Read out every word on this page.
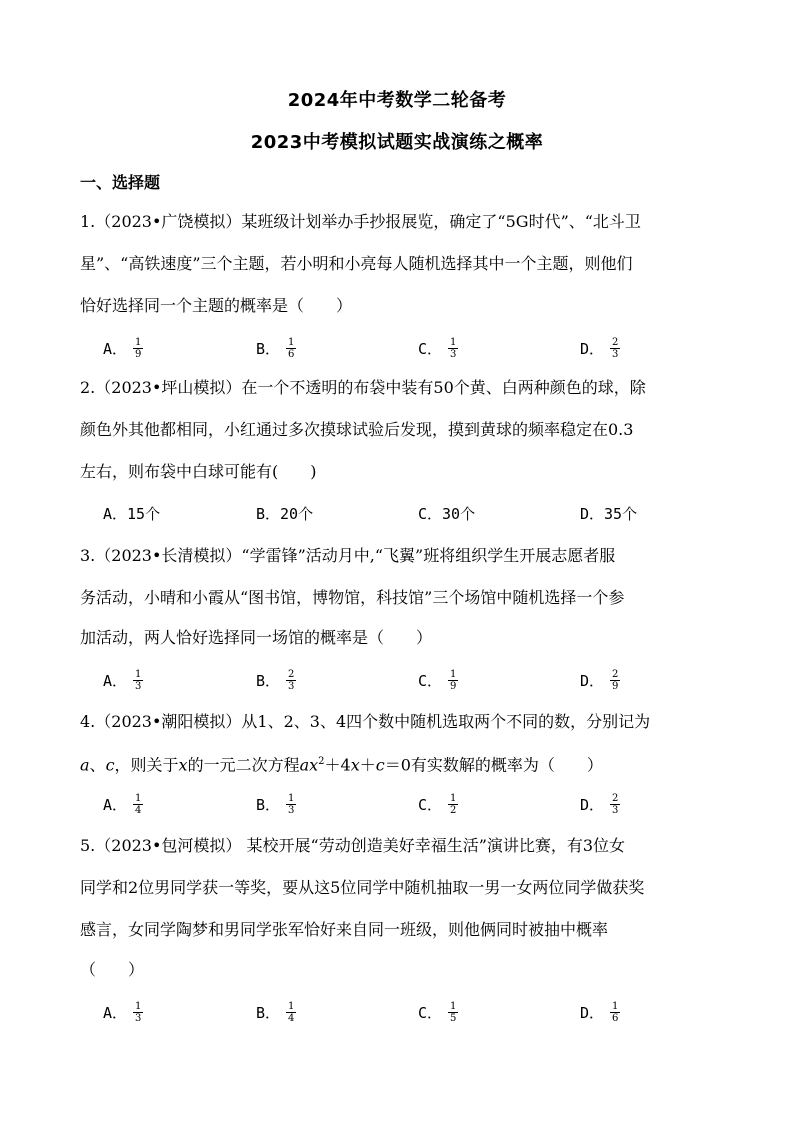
2024年中考数学二轮备考
2023中考模拟试题实战演练之概率
一、选择题
1.（2023•广饶模拟）某班级计划举办手抄报展览，确定了“5G时代”、“北斗卫
星”、“高铁速度”三个主题，若小明和小亮每人随机选择其中一个主题，则他们
恰好选择同一个主题的概率是（　　）
A． $\frac{1}{9}$	B． $\frac{1}{6}$	C． $\frac{1}{3}$	D． $\frac{2}{3}$
2.（2023•坪山模拟）在一个不透明的布袋中装有50个黄、白两种颜色的球，除
颜色外其他都相同，小红通过多次摸球试验后发现，摸到黄球的频率稳定在0.3
左右，则布袋中白球可能有(　　)
A．15个	B．20个	C．30个	D．35个
3.（2023•长清模拟）“学雷锋”活动月中,“飞翼”班将组织学生开展志愿者服
务活动，小晴和小霞从“图书馆，博物馆，科技馆”三个场馆中随机选择一个参
加活动，两人恰好选择同一场馆的概率是（　　）
A． $\frac{1}{3}$	B． $\frac{2}{3}$	C． $\frac{1}{9}$	D． $\frac{2}{9}$
4.（2023•潮阳模拟）从1、2、3、4四个数中随机选取两个不同的数，分别记为
a、c，则关于x的一元二次方程$ax^2+4x+c=0$有实数解的概率为（　　）
A． $\frac{1}{4}$	B． $\frac{1}{3}$	C． $\frac{1}{2}$	D． $\frac{2}{3}$
5.（2023•包河模拟） 某校开展“劳动创造美好幸福生活”演讲比赛，有3位女
同学和2位男同学获一等奖，要从这5位同学中随机抽取一男一女两位同学做获奖
感言，女同学陶梦和男同学张军恰好来自同一班级，则他俩同时被抽中概率
（　　）
A． $\frac{1}{3}$	B． $\frac{1}{4}$	C． $\frac{1}{5}$	D． $\frac{1}{6}$
